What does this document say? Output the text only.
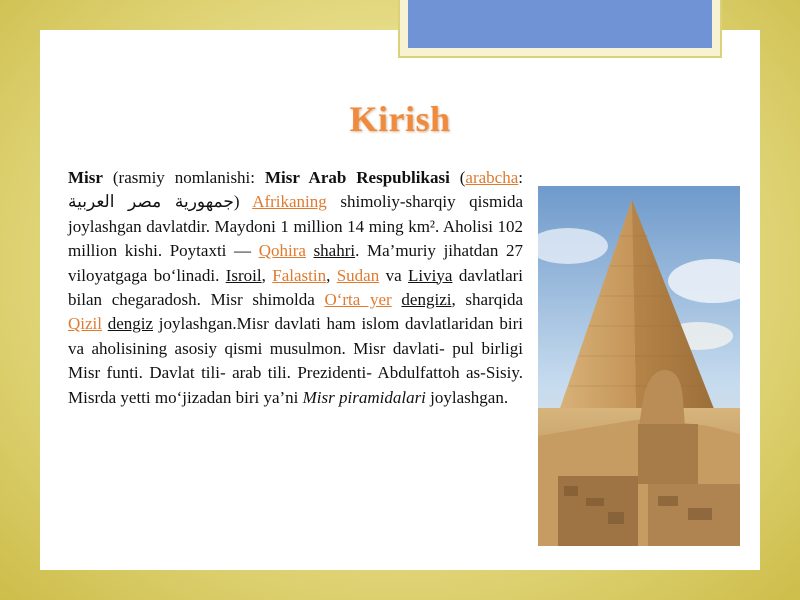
Kirish
Misr (rasmiy nomlanishi: Misr Arab Respublikasi (arabcha: جمهورية مصر العربية) Afrikaning shimoliy-sharqiy qismida joylashgan davlatdir. Maydoni 1 million 14 ming km². Aholisi 102 million kishi. Poytaxti — Qohira shahri. Ma’muriy jihatdan 27 viloyatgaga bo‘linadi. Isroil, Falastin, Sudan va Liviya davlatlari bilan chegaradosh. Misr shimolda O‘rta yer dengizi, sharqida Qizil dengiz joylashgan.Misr davlati ham islom davlatlaridan biri va aholisining asosiy qismi musulmon. Misr davlati- pul birligi Misr funti. Davlat tili- arab tili. Prezidenti- Abdulfattoh as-Sisiy. Misrda yetti mo‘jizadan biri ya’ni Misr piramidalari joylashgan.
